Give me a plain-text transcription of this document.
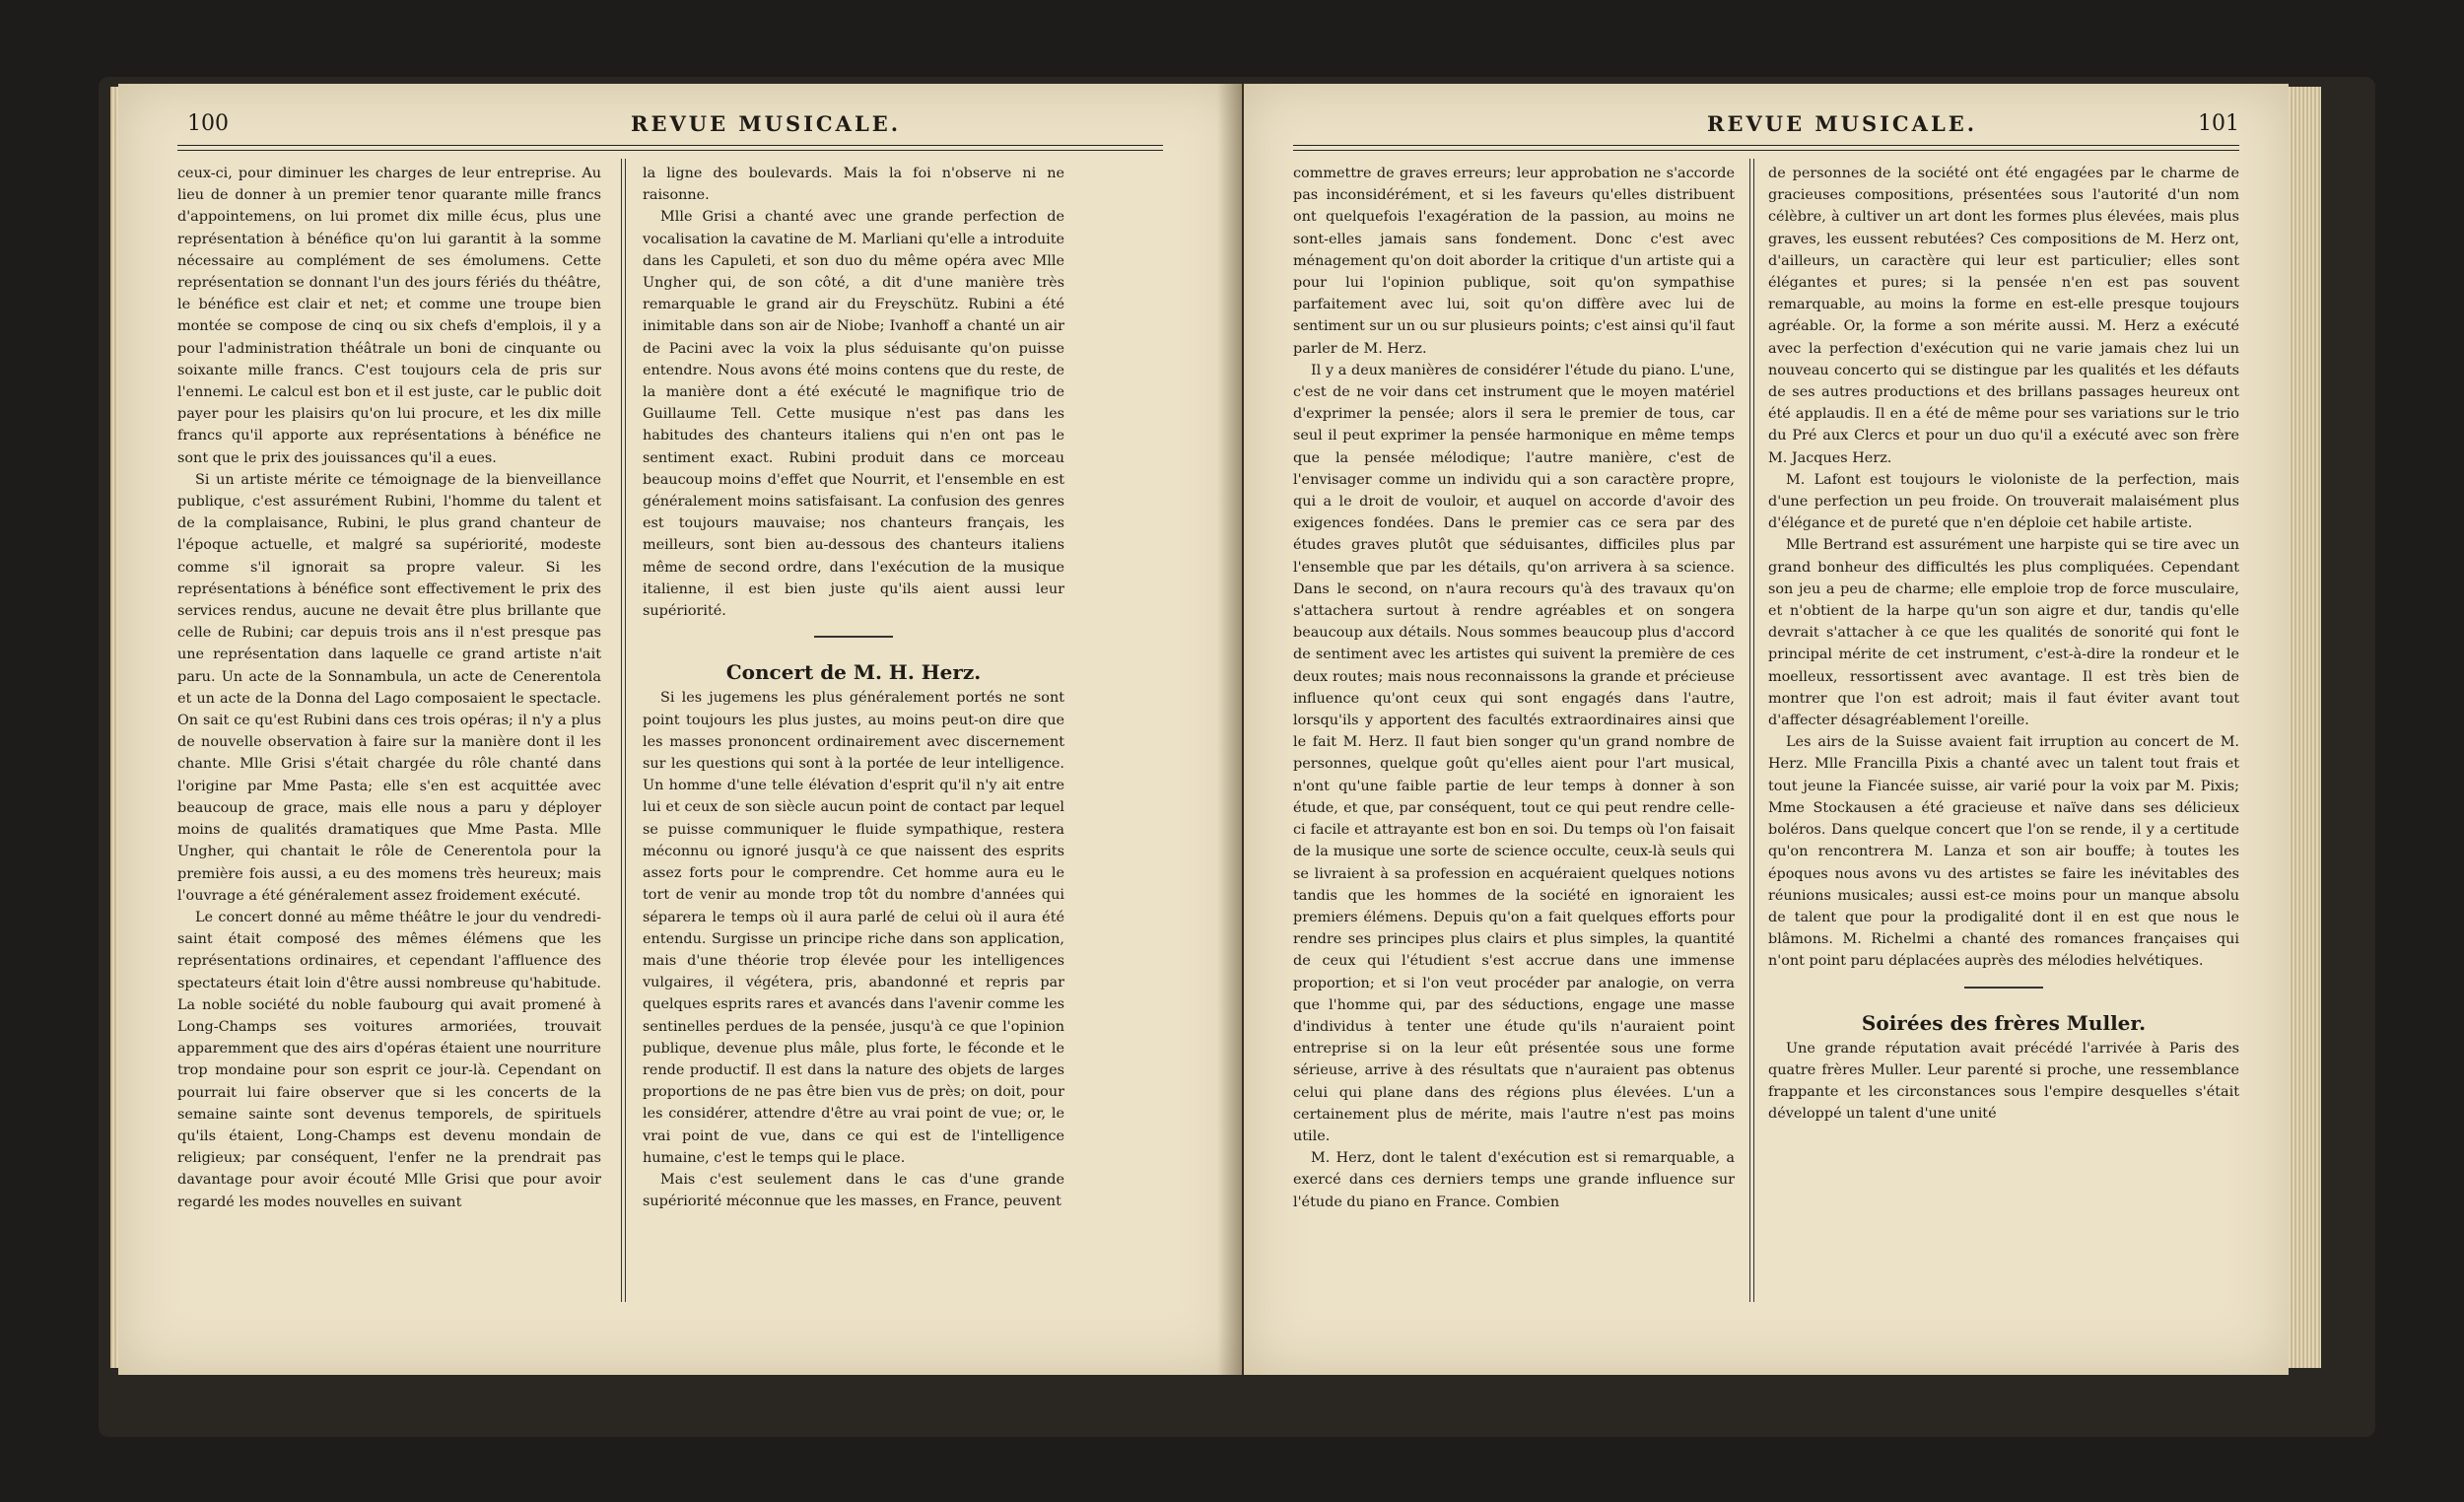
100	REVUE MUSICALE.

ceux-ci, pour diminuer les charges de leur entreprise. Au lieu de donner à un premier tenor quarante mille francs d'appointemens, on lui promet dix mille écus, plus une représentation à bénéfice qu'on lui garantit à la somme nécessaire au complément de ses émolumens. Cette représentation se donnant l'un des jours fériés du théâtre, le bénéfice est clair et net; et comme une troupe bien montée se compose de cinq ou six chefs d'emplois, il y a pour l'administration théâtrale un boni de cinquante ou soixante mille francs. C'est toujours cela de pris sur l'ennemi. Le calcul est bon et il est juste, car le public doit payer pour les plaisirs qu'on lui procure, et les dix mille francs qu'il apporte aux représentations à bénéfice ne sont que le prix des jouissances qu'il a eues.

Si un artiste mérite ce témoignage de la bienveillance publique, c'est assurément Rubini, l'homme du talent et de la complaisance, Rubini, le plus grand chanteur de l'époque actuelle, et malgré sa supériorité, modeste comme s'il ignorait sa propre valeur. Si les représentations à bénéfice sont effectivement le prix des services rendus, aucune ne devait être plus brillante que celle de Rubini; car depuis trois ans il n'est presque pas une représentation dans laquelle ce grand artiste n'ait paru. Un acte de la Sonnambula, un acte de Cenerentola et un acte de la Donna del Lago composaient le spectacle. On sait ce qu'est Rubini dans ces trois opéras; il n'y a plus de nouvelle observation à faire sur la manière dont il les chante. Mlle Grisi s'était chargée du rôle chanté dans l'origine par Mme Pasta; elle s'en est acquittée avec beaucoup de grace, mais elle nous a paru y déployer moins de qualités dramatiques que Mme Pasta. Mlle Ungher, qui chantait le rôle de Cenerentola pour la première fois aussi, a eu des momens très heureux; mais l'ouvrage a été généralement assez froidement exécuté.

Le concert donné au même théâtre le jour du vendredi-saint était composé des mêmes élémens que les représentations ordinaires, et cependant l'affluence des spectateurs était loin d'être aussi nombreuse qu'habitude. La noble société du noble faubourg qui avait promené à Long-Champs ses voitures armoriées, trouvait apparemment que des airs d'opéras étaient une nourriture trop mondaine pour son esprit ce jour-là. Cependant on pourrait lui faire observer que si les concerts de la semaine sainte sont devenus temporels, de spirituels qu'ils étaient, Long-Champs est devenu mondain de religieux; par conséquent, l'enfer ne la prendrait pas davantage pour avoir écouté Mlle Grisi que pour avoir regardé les modes nouvelles en suivant

la ligne des boulevards. Mais la foi n'observe ni ne raisonne.

Mlle Grisi a chanté avec une grande perfection de vocalisation la cavatine de M. Marliani qu'elle a introduite dans les Capuleti, et son duo du même opéra avec Mlle Ungher qui, de son côté, a dit d'une manière très remarquable le grand air du Freyschütz. Rubini a été inimitable dans son air de Niobe; Ivanhoff a chanté un air de Pacini avec la voix la plus séduisante qu'on puisse entendre. Nous avons été moins contens que du reste, de la manière dont a été exécuté le magnifique trio de Guillaume Tell. Cette musique n'est pas dans les habitudes des chanteurs italiens qui n'en ont pas le sentiment exact. Rubini produit dans ce morceau beaucoup moins d'effet que Nourrit, et l'ensemble en est généralement moins satisfaisant. La confusion des genres est toujours mauvaise; nos chanteurs français, les meilleurs, sont bien au-dessous des chanteurs italiens même de second ordre, dans l'exécution de la musique italienne, il est bien juste qu'ils aient aussi leur supériorité.

Concert de M. H. Herz.

Si les jugemens les plus généralement portés ne sont point toujours les plus justes, au moins peut-on dire que les masses prononcent ordinairement avec discernement sur les questions qui sont à la portée de leur intelligence. Un homme d'une telle élévation d'esprit qu'il n'y ait entre lui et ceux de son siècle aucun point de contact par lequel se puisse communiquer le fluide sympathique, restera méconnu ou ignoré jusqu'à ce que naissent des esprits assez forts pour le comprendre. Cet homme aura eu le tort de venir au monde trop tôt du nombre d'années qui séparera le temps où il aura parlé de celui où il aura été entendu. Surgisse un principe riche dans son application, mais d'une théorie trop élevée pour les intelligences vulgaires, il végétera, pris, abandonné et repris par quelques esprits rares et avancés dans l'avenir comme les sentinelles perdues de la pensée, jusqu'à ce que l'opinion publique, devenue plus mâle, plus forte, le féconde et le rende productif. Il est dans la nature des objets de larges proportions de ne pas être bien vus de près; on doit, pour les considérer, attendre d'être au vrai point de vue; or, le vrai point de vue, dans ce qui est de l'intelligence humaine, c'est le temps qui le place.

Mais c'est seulement dans le cas d'une grande supériorité méconnue que les masses, en France, peuvent

REVUE MUSICALE.	101

commettre de graves erreurs; leur approbation ne s'accorde pas inconsidérément, et si les faveurs qu'elles distribuent ont quelquefois l'exagération de la passion, au moins ne sont-elles jamais sans fondement. Donc c'est avec ménagement qu'on doit aborder la critique d'un artiste qui a pour lui l'opinion publique, soit qu'on sympathise parfaitement avec lui, soit qu'on diffère avec lui de sentiment sur un ou sur plusieurs points; c'est ainsi qu'il faut parler de M. Herz.

Il y a deux manières de considérer l'étude du piano. L'une, c'est de ne voir dans cet instrument que le moyen matériel d'exprimer la pensée; alors il sera le premier de tous, car seul il peut exprimer la pensée harmonique en même temps que la pensée mélodique; l'autre manière, c'est de l'envisager comme un individu qui a son caractère propre, qui a le droit de vouloir, et auquel on accorde d'avoir des exigences fondées. Dans le premier cas ce sera par des études graves plutôt que séduisantes, difficiles plus par l'ensemble que par les détails, qu'on arrivera à sa science. Dans le second, on n'aura recours qu'à des travaux qu'on s'attachera surtout à rendre agréables et on songera beaucoup aux détails. Nous sommes beaucoup plus d'accord de sentiment avec les artistes qui suivent la première de ces deux routes; mais nous reconnaissons la grande et précieuse influence qu'ont ceux qui sont engagés dans l'autre, lorsqu'ils y apportent des facultés extraordinaires ainsi que le fait M. Herz. Il faut bien songer qu'un grand nombre de personnes, quelque goût qu'elles aient pour l'art musical, n'ont qu'une faible partie de leur temps à donner à son étude, et que, par conséquent, tout ce qui peut rendre celle-ci facile et attrayante est bon en soi. Du temps où l'on faisait de la musique une sorte de science occulte, ceux-là seuls qui se livraient à sa profession en acquéraient quelques notions tandis que les hommes de la société en ignoraient les premiers élémens. Depuis qu'on a fait quelques efforts pour rendre ses principes plus clairs et plus simples, la quantité de ceux qui l'étudient s'est accrue dans une immense proportion; et si l'on veut procéder par analogie, on verra que l'homme qui, par des séductions, engage une masse d'individus à tenter une étude qu'ils n'auraient point entreprise si on la leur eût présentée sous une forme sérieuse, arrive à des résultats que n'auraient pas obtenus celui qui plane dans des régions plus élevées. L'un a certainement plus de mérite, mais l'autre n'est pas moins utile.

M. Herz, dont le talent d'exécution est si remarquable, a exercé dans ces derniers temps une grande influence sur l'étude du piano en France. Combien

de personnes de la société ont été engagées par le charme de gracieuses compositions, présentées sous l'autorité d'un nom célèbre, à cultiver un art dont les formes plus élevées, mais plus graves, les eussent rebutées? Ces compositions de M. Herz ont, d'ailleurs, un caractère qui leur est particulier; elles sont élégantes et pures; si la pensée n'en est pas souvent remarquable, au moins la forme en est-elle presque toujours agréable. Or, la forme a son mérite aussi. M. Herz a exécuté avec la perfection d'exécution qui ne varie jamais chez lui un nouveau concerto qui se distingue par les qualités et les défauts de ses autres productions et des brillans passages heureux ont été applaudis. Il en a été de même pour ses variations sur le trio du Pré aux Clercs et pour un duo qu'il a exécuté avec son frère M. Jacques Herz.

M. Lafont est toujours le violoniste de la perfection, mais d'une perfection un peu froide. On trouverait malaisément plus d'élégance et de pureté que n'en déploie cet habile artiste.

Mlle Bertrand est assurément une harpiste qui se tire avec un grand bonheur des difficultés les plus compliquées. Cependant son jeu a peu de charme; elle emploie trop de force musculaire, et n'obtient de la harpe qu'un son aigre et dur, tandis qu'elle devrait s'attacher à ce que les qualités de sonorité qui font le principal mérite de cet instrument, c'est-à-dire la rondeur et le moelleux, ressortissent avec avantage. Il est très bien de montrer que l'on est adroit; mais il faut éviter avant tout d'affecter désagréablement l'oreille.

Les airs de la Suisse avaient fait irruption au concert de M. Herz. Mlle Francilla Pixis a chanté avec un talent tout frais et tout jeune la Fiancée suisse, air varié pour la voix par M. Pixis; Mme Stockausen a été gracieuse et naïve dans ses délicieux boléros. Dans quelque concert que l'on se rende, il y a certitude qu'on rencontrera M. Lanza et son air bouffe; à toutes les époques nous avons vu des artistes se faire les inévitables des réunions musicales; aussi est-ce moins pour un manque absolu de talent que pour la prodigalité dont il en est que nous le blâmons. M. Richelmi a chanté des romances françaises qui n'ont point paru déplacées auprès des mélodies helvétiques.

Soirées des frères Muller.

Une grande réputation avait précédé l'arrivée à Paris des quatre frères Muller. Leur parenté si proche, une ressemblance frappante et les circonstances sous l'empire desquelles s'était développé un talent d'une unité
